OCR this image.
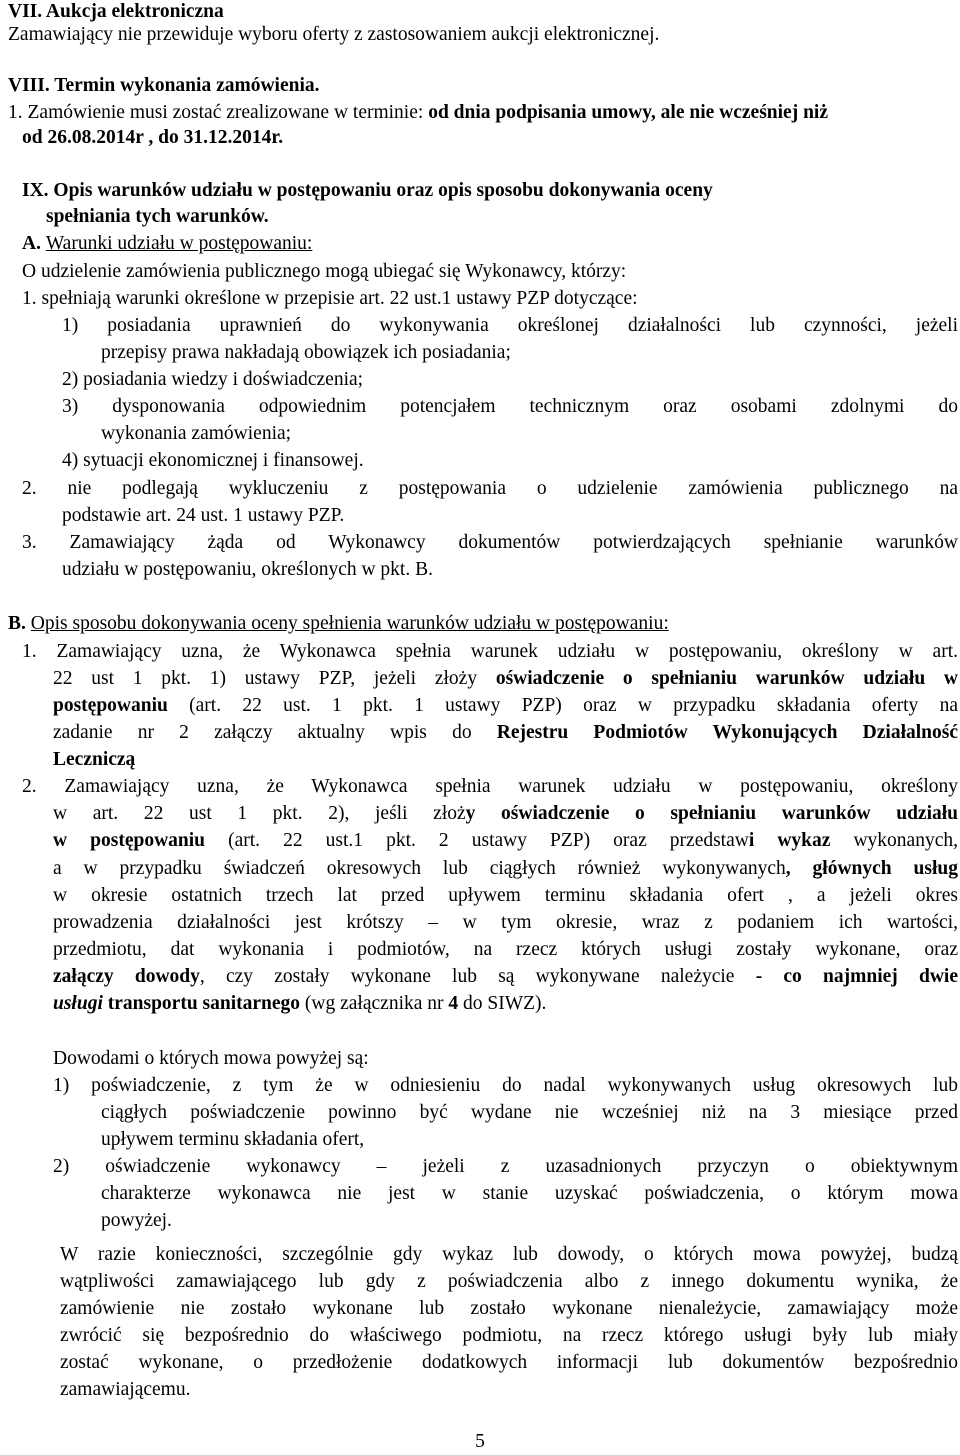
VII. Aukcja elektroniczna
Zamawiający nie przewiduje wyboru oferty z zastosowaniem aukcji elektronicznej.
VIII. Termin wykonania zamówienia.
1. Zamówienie musi zostać zrealizowane w terminie: od dnia podpisania umowy, ale nie wcześniej niż
od 26.08.2014r , do 31.12.2014r.
IX. Opis warunków udziału w postępowaniu oraz opis sposobu dokonywania oceny
spełniania tych warunków.
A. Warunki udziału w postępowaniu:
O udzielenie zamówienia publicznego mogą ubiegać się Wykonawcy, którzy:
1. spełniają warunki określone w przepisie art. 22 ust.1 ustawy PZP dotyczące:
1) posiadania uprawnień do wykonywania określonej działalności lub czynności, jeżeli
przepisy prawa nakładają obowiązek ich posiadania;
2) posiadania wiedzy i doświadczenia;
3) dysponowania odpowiednim potencjałem technicznym oraz osobami zdolnymi do
wykonania zamówienia;
4) sytuacji ekonomicznej i finansowej.
2. nie podlegają wykluczeniu z postępowania o udzielenie zamówienia publicznego na
podstawie art. 24 ust. 1 ustawy PZP.
3. Zamawiający żąda od Wykonawcy dokumentów potwierdzających spełnianie warunków
udziału w postępowaniu, określonych w pkt. B.
B. Opis sposobu dokonywania oceny spełnienia warunków udziału w postępowaniu:
1. Zamawiający uzna, że Wykonawca spełnia warunek udziału w postępowaniu, określony w art.
22 ust 1 pkt. 1) ustawy PZP, jeżeli złoży oświadczenie o spełnianiu warunków udziału w
postępowaniu (art. 22 ust. 1 pkt. 1 ustawy PZP) oraz w przypadku składania oferty na
zadanie nr 2 załączy aktualny wpis do Rejestru Podmiotów Wykonujących Działalność
Leczniczą
2. Zamawiający uzna, że Wykonawca spełnia warunek udziału w postępowaniu, określony
w art. 22 ust 1 pkt. 2), jeśli złoży oświadczenie o spełnianiu warunków udziału
w postępowaniu (art. 22 ust.1 pkt. 2 ustawy PZP) oraz przedstawi wykaz wykonanych,
a w przypadku świadczeń okresowych lub ciągłych również wykonywanych, głównych usług
w okresie ostatnich trzech lat przed upływem terminu składania ofert , a jeżeli okres
prowadzenia działalności jest krótszy – w tym okresie, wraz z podaniem ich wartości,
przedmiotu, dat wykonania i podmiotów, na rzecz których usługi zostały wykonane, oraz
załączy dowody, czy zostały wykonane lub są wykonywane należycie - co najmniej dwie
usługi transportu sanitarnego (wg załącznika nr 4 do SIWZ).
Dowodami o których mowa powyżej są:
1) poświadczenie, z tym że w odniesieniu do nadal wykonywanych usług okresowych lub
ciągłych poświadczenie powinno być wydane nie wcześniej niż na 3 miesiące przed
upływem terminu składania ofert,
2) oświadczenie wykonawcy – jeżeli z uzasadnionych przyczyn o obiektywnym
charakterze wykonawca nie jest w stanie uzyskać poświadczenia, o którym mowa
powyżej.
W razie konieczności, szczególnie gdy wykaz lub dowody, o których mowa powyżej, budzą
wątpliwości zamawiającego lub gdy z poświadczenia albo z innego dokumentu wynika, że
zamówienie nie zostało wykonane lub zostało wykonane nienależycie, zamawiający może
zwrócić się bezpośrednio do właściwego podmiotu, na rzecz którego usługi były lub miały
zostać wykonane, o przedłożenie dodatkowych informacji lub dokumentów bezpośrednio
zamawiającemu.
5
